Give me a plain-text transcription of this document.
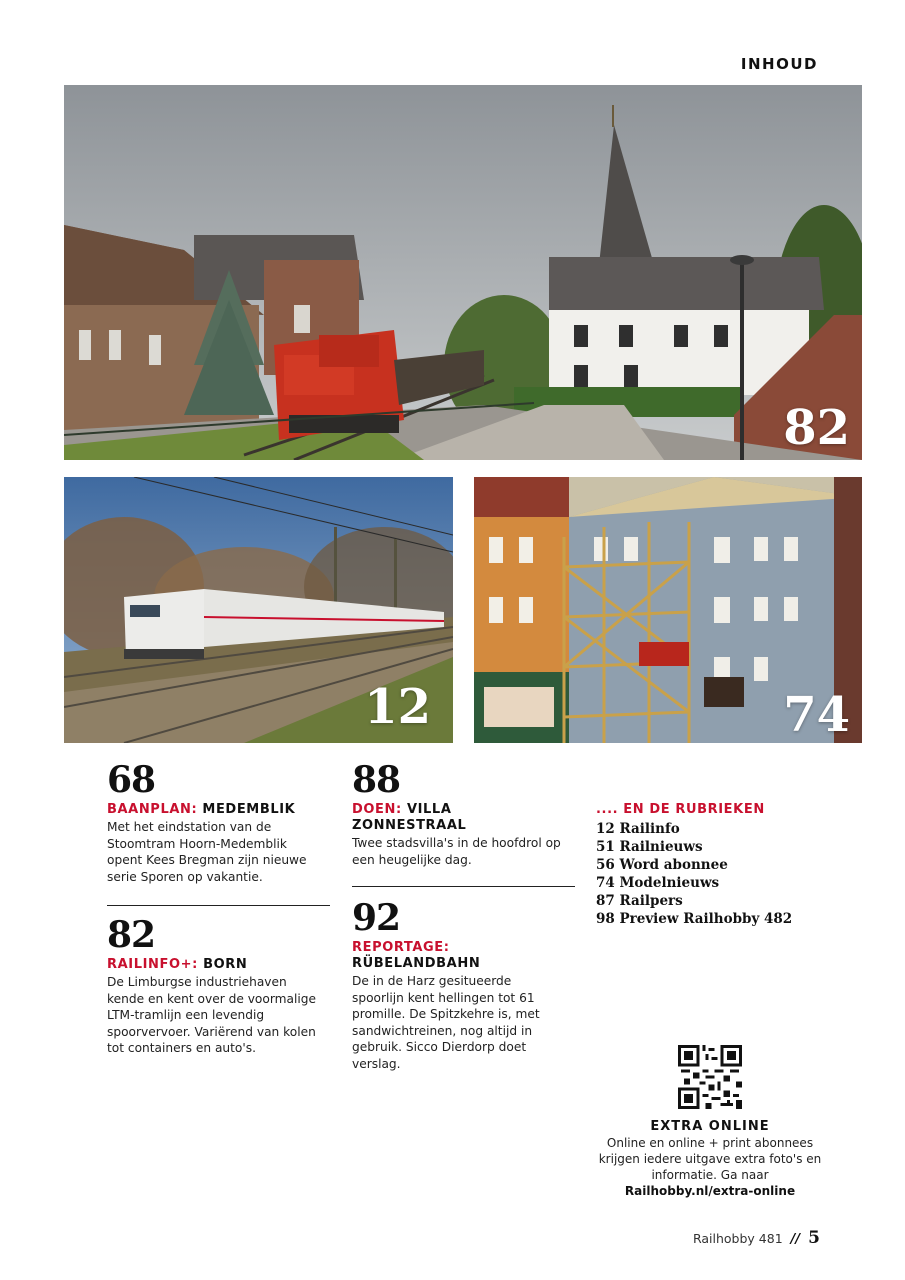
INHOUD
82
12	74
68
BAANPLAN: MEDEMBLIK
Met het eindstation van de Stoomtram Hoorn-Medemblik opent Kees Bregman zijn nieuwe serie Sporen op vakantie.
82
RAILINFO+: BORN
De Limburgse industriehaven kende en kent over de voormalige LTM-tramlijn een levendig spoorvervoer. Variërend van kolen tot containers en auto's.
88
DOEN: VILLA ZONNESTRAAL
Twee stadsvilla's in de hoofdrol op een heugelijke dag.
92
REPORTAGE: RÜBELANDBAHN
De in de Harz gesitueerde spoorlijn kent hellingen tot 61 promille. De Spitzkehre is, met sandwichtreinen, nog altijd in gebruik. Sicco Dierdorp doet verslag.
.... EN DE RUBRIEKEN
12 Railinfo
51 Railnieuws
56 Word abonnee
74 Modelnieuws
87 Railpers
98 Preview Railhobby 482
EXTRA ONLINE
Online en online + print abonnees krijgen iedere uitgave extra foto's en informatie. Ga naar
Railhobby.nl/extra-online
Railhobby 481 // 5
